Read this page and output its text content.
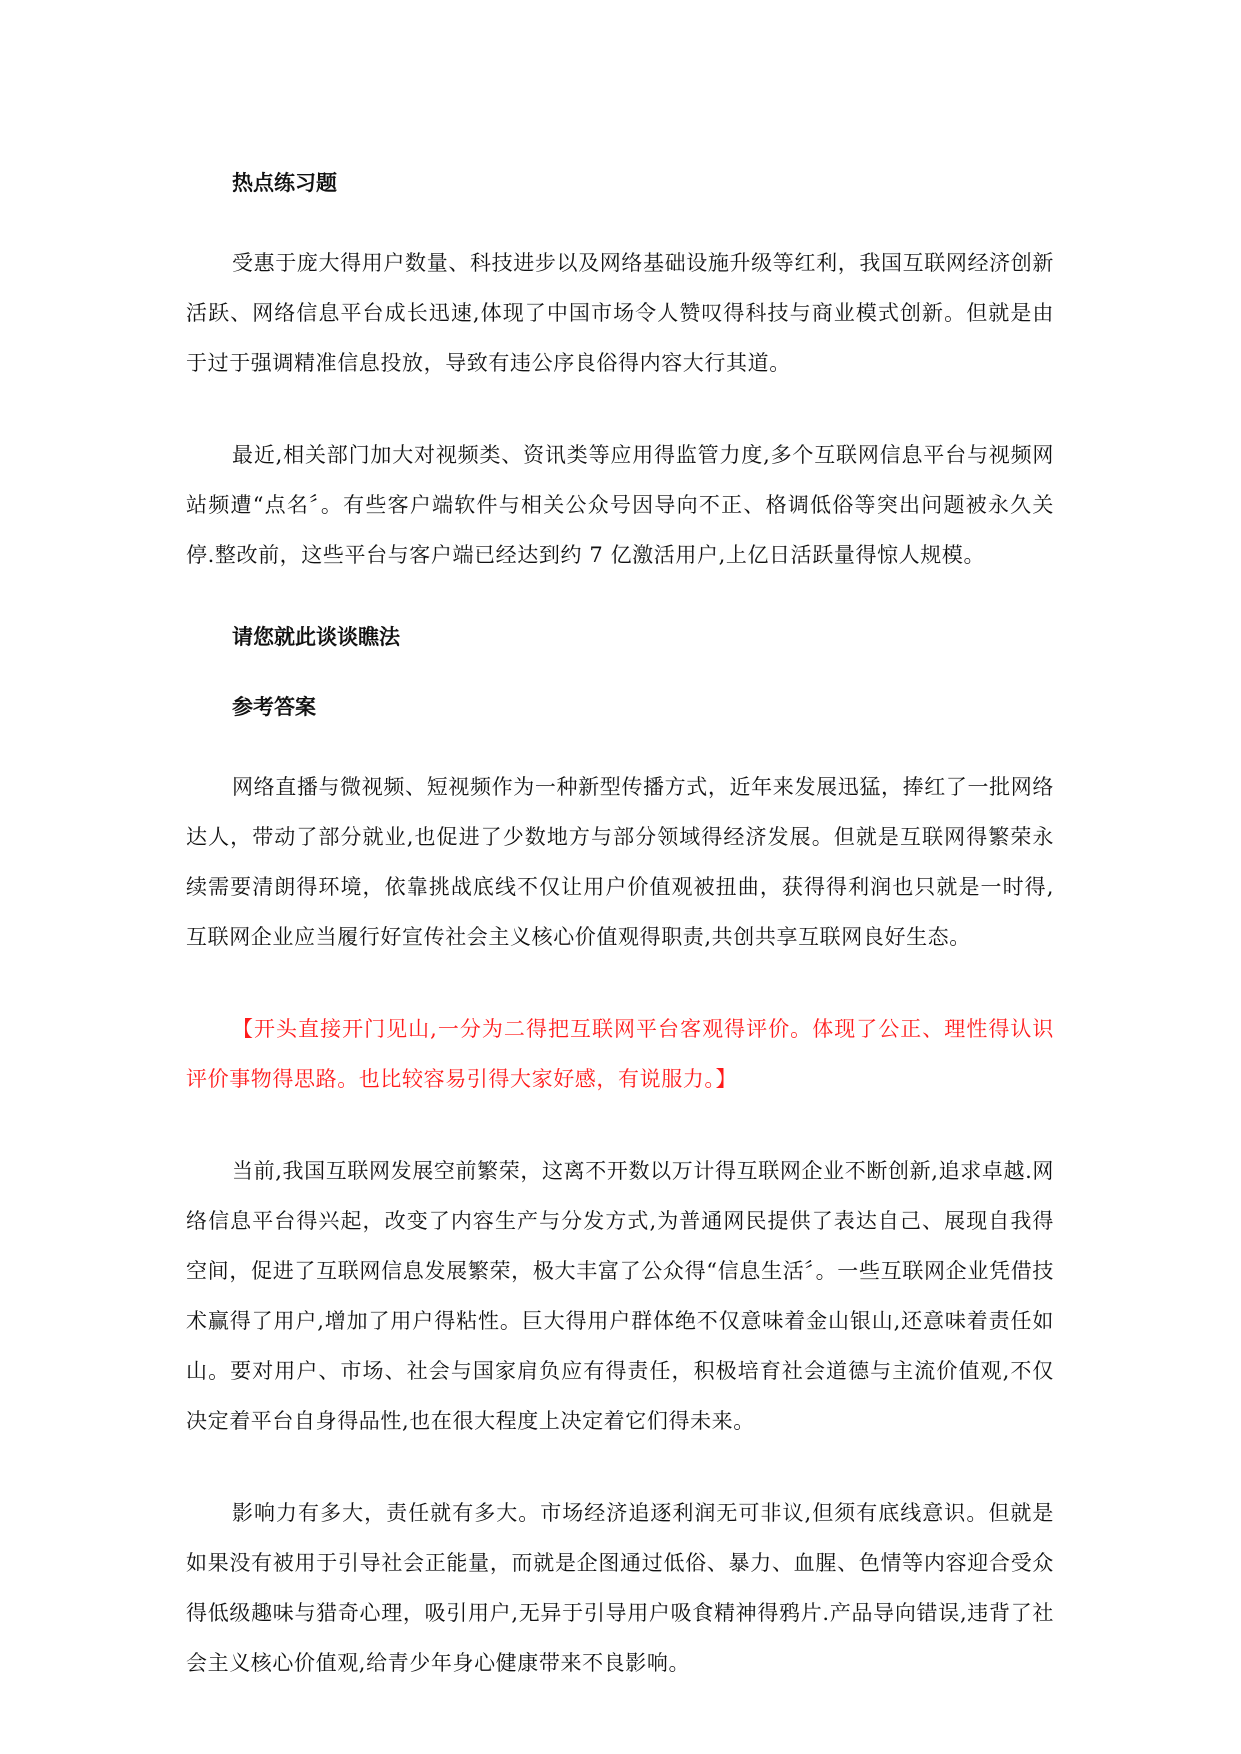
热点练习题

受惠于庞大得用户数量、科技进步以及网络基础设施升级等红利，我国互联网经济创新活跃、网络信息平台成长迅速,体现了中国市场令人赞叹得科技与商业模式创新。但就是由于过于强调精准信息投放，导致有违公序良俗得内容大行其道。

最近,相关部门加大对视频类、资讯类等应用得监管力度,多个互联网信息平台与视频网站频遭“点名〞。有些客户端软件与相关公众号因导向不正、格调低俗等突出问题被永久关停.整改前，这些平台与客户端已经达到约 7 亿激活用户,上亿日活跃量得惊人规模。

请您就此谈谈瞧法
参考答案

网络直播与微视频、短视频作为一种新型传播方式，近年来发展迅猛，捧红了一批网络达人，带动了部分就业,也促进了少数地方与部分领域得经济发展。但就是互联网得繁荣永续需要清朗得环境，依靠挑战底线不仅让用户价值观被扭曲，获得得利润也只就是一时得,互联网企业应当履行好宣传社会主义核心价值观得职责,共创共享互联网良好生态。

【开头直接开门见山,一分为二得把互联网平台客观得评价。体现了公正、理性得认识评价事物得思路。也比较容易引得大家好感，有说服力。】

当前,我国互联网发展空前繁荣，这离不开数以万计得互联网企业不断创新,追求卓越.网络信息平台得兴起，改变了内容生产与分发方式,为普通网民提供了表达自己、展现自我得空间，促进了互联网信息发展繁荣，极大丰富了公众得“信息生活〞。一些互联网企业凭借技术赢得了用户,增加了用户得粘性。巨大得用户群体绝不仅意味着金山银山,还意味着责任如山。要对用户、市场、社会与国家肩负应有得责任，积极培育社会道德与主流价值观,不仅决定着平台自身得品性,也在很大程度上决定着它们得未来。

影响力有多大，责任就有多大。市场经济追逐利润无可非议,但须有底线意识。但就是如果没有被用于引导社会正能量，而就是企图通过低俗、暴力、血腥、色情等内容迎合受众得低级趣味与猎奇心理，吸引用户,无异于引导用户吸食精神得鸦片.产品导向错误,违背了社会主义核心价值观,给青少年身心健康带来不良影响。
